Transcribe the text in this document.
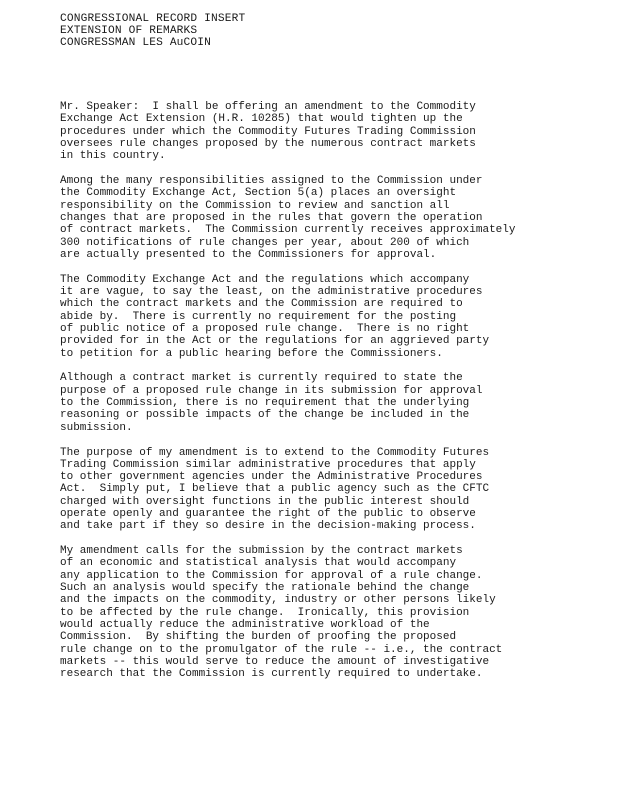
CONGRESSIONAL RECORD INSERT
EXTENSION OF REMARKS
CONGRESSMAN LES AuCOIN
Mr. Speaker:  I shall be offering an amendment to the Commodity
Exchange Act Extension (H.R. 10285) that would tighten up the
procedures under which the Commodity Futures Trading Commission
oversees rule changes proposed by the numerous contract markets
in this country.
Among the many responsibilities assigned to the Commission under
the Commodity Exchange Act, Section 5(a) places an oversight
responsibility on the Commission to review and sanction all
changes that are proposed in the rules that govern the operation
of contract markets.  The Commission currently receives approximately
300 notifications of rule changes per year, about 200 of which
are actually presented to the Commissioners for approval.
The Commodity Exchange Act and the regulations which accompany
it are vague, to say the least, on the administrative procedures
which the contract markets and the Commission are required to
abide by.  There is currently no requirement for the posting
of public notice of a proposed rule change.  There is no right
provided for in the Act or the regulations for an aggrieved party
to petition for a public hearing before the Commissioners.
Although a contract market is currently required to state the
purpose of a proposed rule change in its submission for approval
to the Commission, there is no requirement that the underlying
reasoning or possible impacts of the change be included in the
submission.
The purpose of my amendment is to extend to the Commodity Futures
Trading Commission similar administrative procedures that apply
to other government agencies under the Administrative Procedures
Act.  Simply put, I believe that a public agency such as the CFTC
charged with oversight functions in the public interest should
operate openly and guarantee the right of the public to observe
and take part if they so desire in the decision-making process.
My amendment calls for the submission by the contract markets
of an economic and statistical analysis that would accompany
any application to the Commission for approval of a rule change.
Such an analysis would specify the rationale behind the change
and the impacts on the commodity, industry or other persons likely
to be affected by the rule change.  Ironically, this provision
would actually reduce the administrative workload of the
Commission.  By shifting the burden of proofing the proposed
rule change on to the promulgator of the rule -- i.e., the contract
markets -- this would serve to reduce the amount of investigative
research that the Commission is currently required to undertake.
